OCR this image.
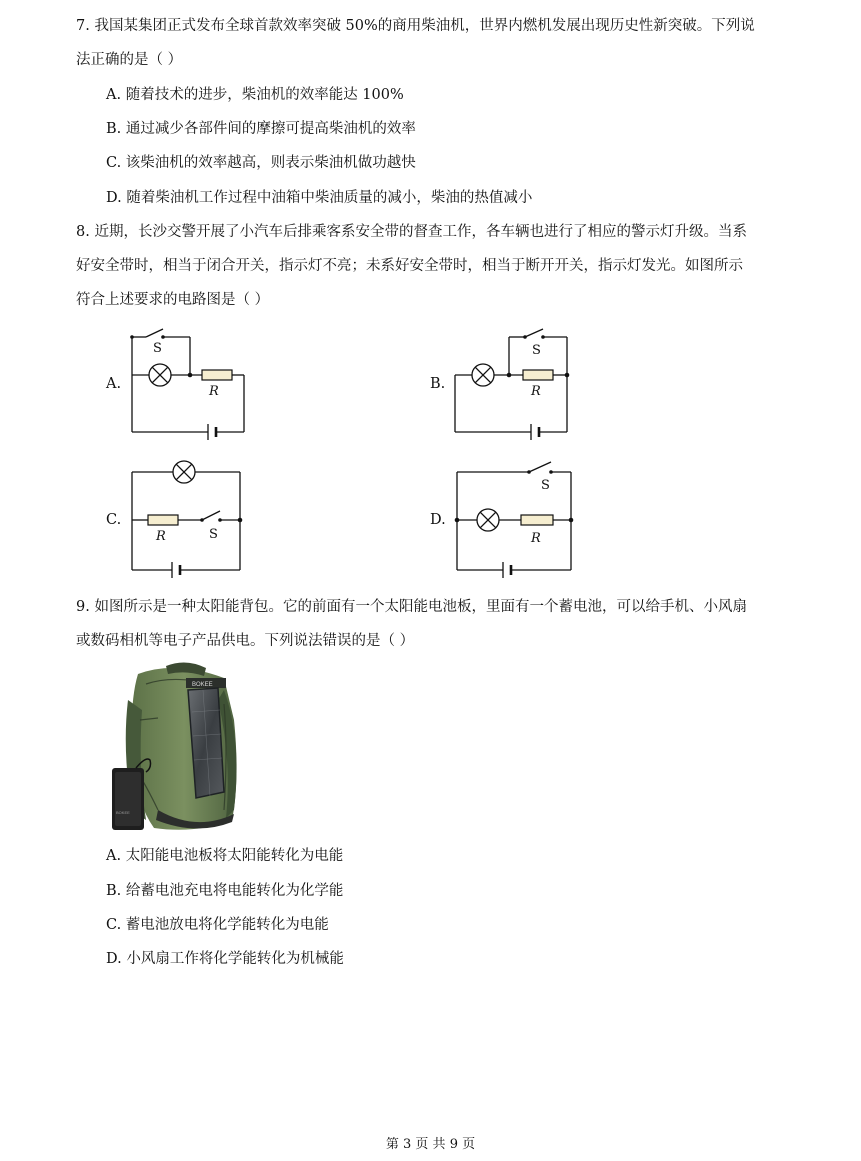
7. 我国某集团正式发布全球首款效率突破 50%的商用柴油机，世界内燃机发展出现历史性新突破。下列说
法正确的是（ ）
A. 随着技术的进步，柴油机的效率能达 100%
B. 通过减少各部件间的摩擦可提高柴油机的效率
C. 该柴油机的效率越高，则表示柴油机做功越快
D. 随着柴油机工作过程中油箱中柴油质量的减小，柴油的热值减小
8. 近期，长沙交警开展了小汽车后排乘客系安全带的督查工作，各车辆也进行了相应的警示灯升级。当系
好安全带时，相当于闭合开关，指示灯不亮；未系好安全带时，相当于断开开关，指示灯发光。如图所示
符合上述要求的电路图是（ ）
A.
S
R	B.
S
R
C.
S
R
D.
S
R
9. 如图所示是一种太阳能背包。它的前面有一个太阳能电池板，里面有一个蓄电池，可以给手机、小风扇
或数码相机等电子产品供电。下列说法错误的是（ ）
BOKEE
BOKEE
A. 太阳能电池板将太阳能转化为电能
B. 给蓄电池充电将电能转化为化学能
C. 蓄电池放电将化学能转化为电能
D. 小风扇工作将化学能转化为机械能
第 3 页 共 9 页
